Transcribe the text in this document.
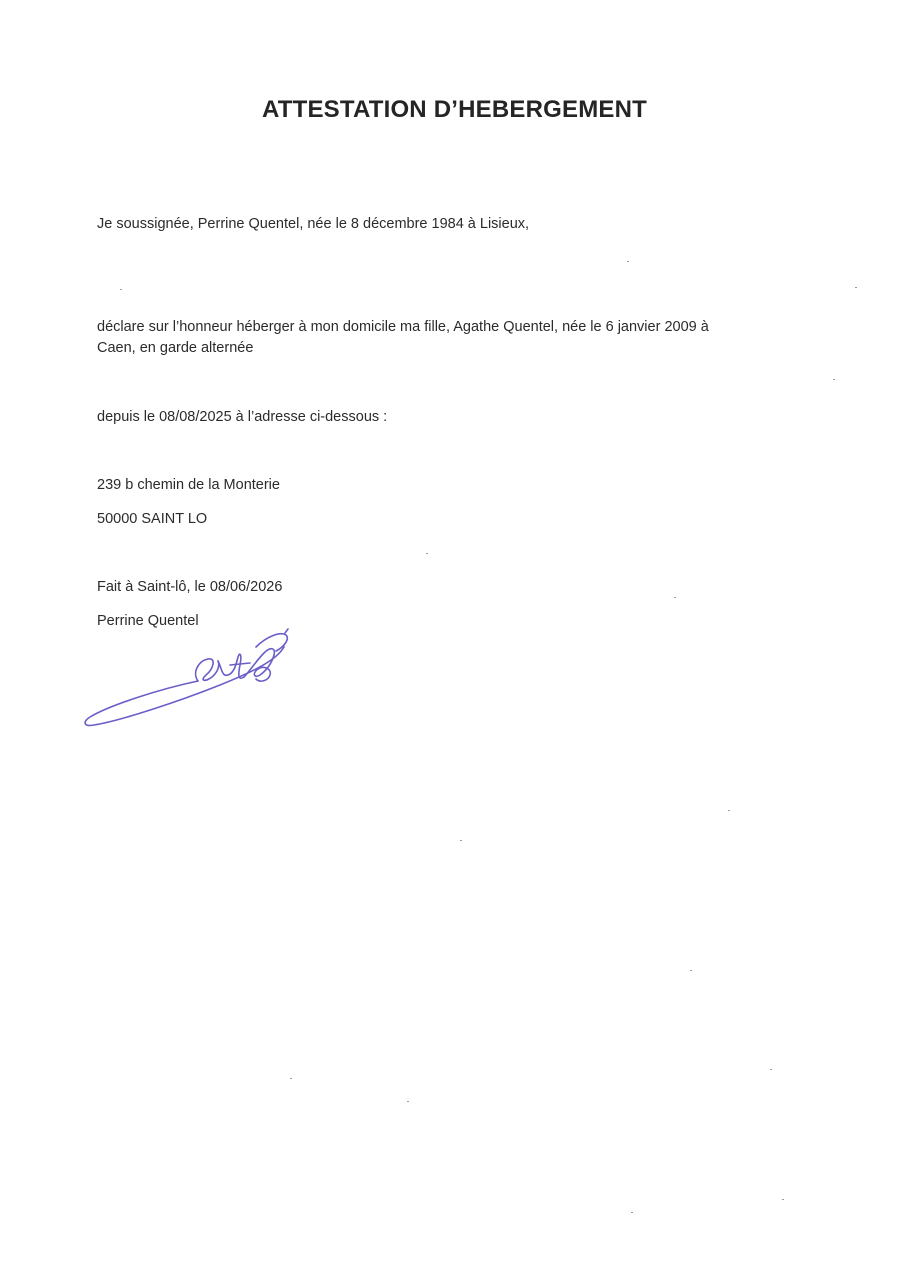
ATTESTATION D’HEBERGEMENT
Je soussignée, Perrine Quentel, née le 8 décembre 1984 à Lisieux,
déclare sur l’honneur héberger à mon domicile ma fille, Agathe Quentel, née le 6 janvier 2009 à
Caen, en garde alternée
depuis le 08/08/2025 à l’adresse ci-dessous :
239 b chemin de la Monterie
50000 SAINT LO
Fait à Saint-lô, le 08/06/2026
Perrine Quentel
